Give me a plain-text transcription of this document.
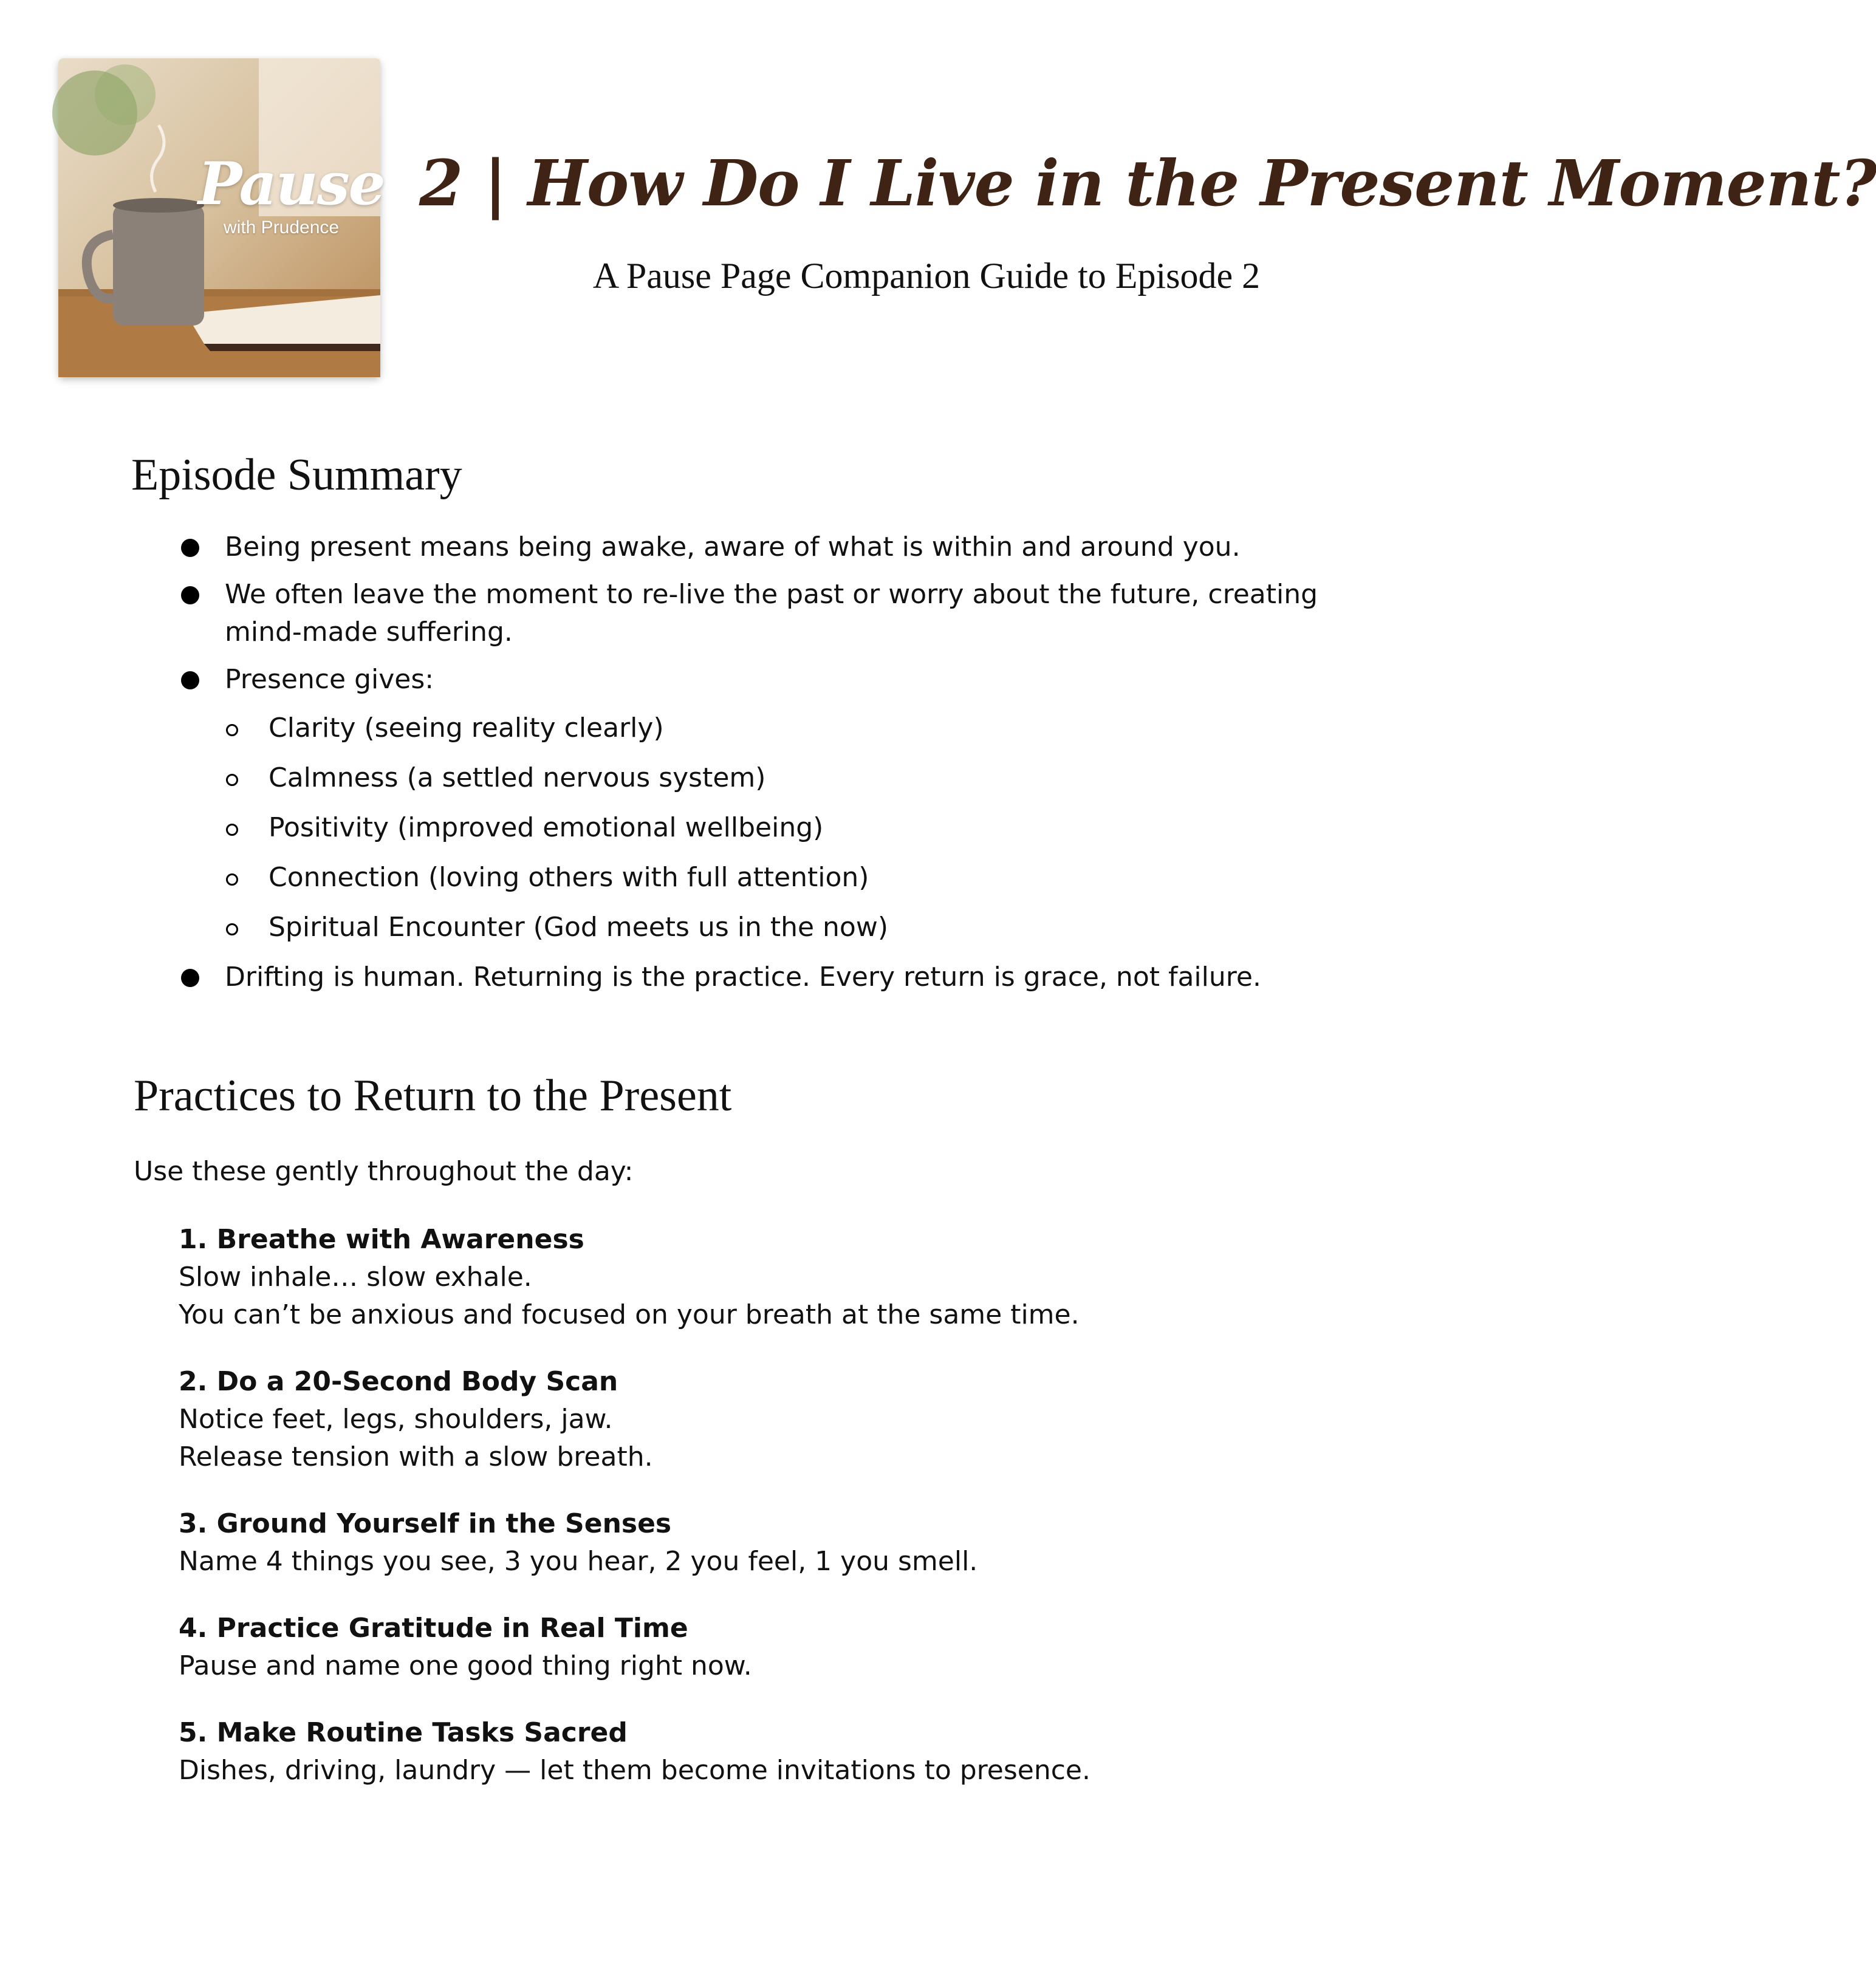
Pause
with Prudence
2 | How Do I Live in the Present Moment?
A Pause Page Companion Guide to Episode 2
Episode Summary
Being present means being awake, aware of what is within and around you.
We often leave the moment to re-live the past or worry about the future, creating mind-made suffering.
Presence gives:
Clarity (seeing reality clearly)
Calmness (a settled nervous system)
Positivity (improved emotional wellbeing)
Connection (loving others with full attention)
Spiritual Encounter (God meets us in the now)
Drifting is human. Returning is the practice. Every return is grace, not failure.
Practices to Return to the Present
Use these gently throughout the day:
1. Breathe with Awareness
Slow inhale… slow exhale.
You can’t be anxious and focused on your breath at the same time.
2. Do a 20-Second Body Scan
Notice feet, legs, shoulders, jaw.
Release tension with a slow breath.
3. Ground Yourself in the Senses
Name 4 things you see, 3 you hear, 2 you feel, 1 you smell.
4. Practice Gratitude in Real Time
Pause and name one good thing right now.
5. Make Routine Tasks Sacred
Dishes, driving, laundry — let them become invitations to presence.
